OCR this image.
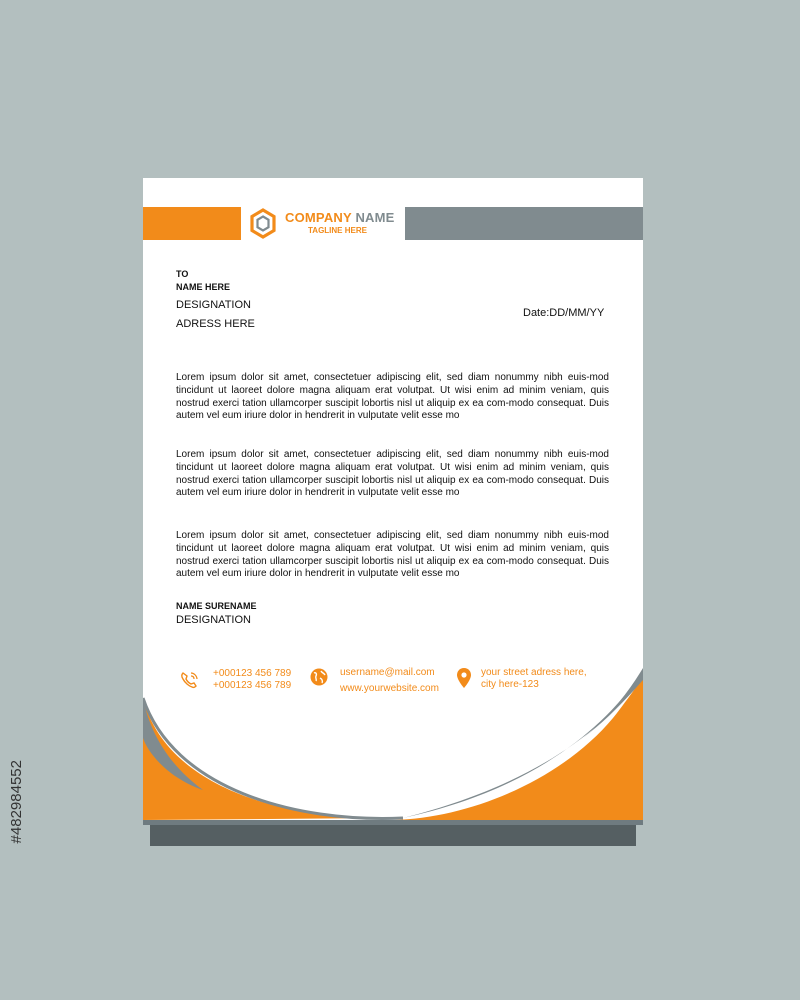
COMPANY NAME
TAGLINE HERE
TO
NAME HERE
DESIGNATION
ADRESS HERE
Date:DD/MM/YY

Lorem ipsum dolor sit amet, consectetuer adipiscing elit, sed diam nonummy nibh euis-mod tincidunt ut laoreet dolore magna aliquam erat volutpat. Ut wisi enim ad minim veniam, quis nostrud exerci tation ullamcorper suscipit lobortis nisl ut aliquip ex ea com-modo consequat. Duis autem vel eum iriure dolor in hendrerit in vulputate velit esse mo

Lorem ipsum dolor sit amet, consectetuer adipiscing elit, sed diam nonummy nibh euis-mod tincidunt ut laoreet dolore magna aliquam erat volutpat. Ut wisi enim ad minim veniam, quis nostrud exerci tation ullamcorper suscipit lobortis nisl ut aliquip ex ea com-modo consequat. Duis autem vel eum iriure dolor in hendrerit in vulputate velit esse mo

Lorem ipsum dolor sit amet, consectetuer adipiscing elit, sed diam nonummy nibh euis-mod tincidunt ut laoreet dolore magna aliquam erat volutpat. Ut wisi enim ad minim veniam, quis nostrud exerci tation ullamcorper suscipit lobortis nisl ut aliquip ex ea com-modo consequat. Duis autem vel eum iriure dolor in hendrerit in vulputate velit esse mo

NAME SURENAME
DESIGNATION
+000123 456 789
+000123 456 789
username@mail.com
www.yourwebsite.com
your street adress here,
city here-123
#482984552
